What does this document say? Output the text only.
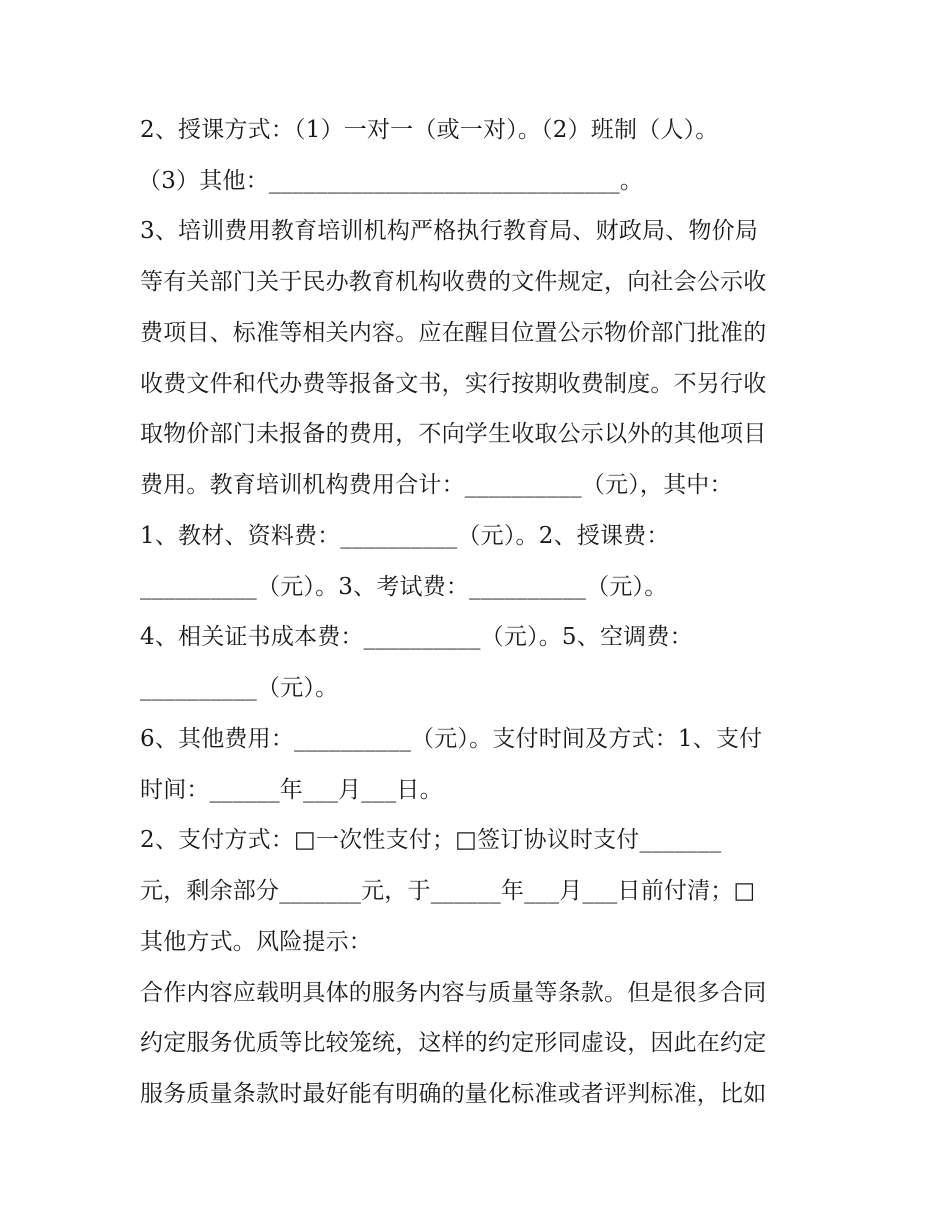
2、授课方式：（1）一对一（或一对）。（2）班制（人）。
（3）其他：______________________________。
3、培训费用教育培训机构严格执行教育局、财政局、物价局
等有关部门关于民办教育机构收费的文件规定，向社会公示收
费项目、标准等相关内容。应在醒目位置公示物价部门批准的
收费文件和代办费等报备文书，实行按期收费制度。不另行收
取物价部门未报备的费用，不向学生收取公示以外的其他项目
费用。教育培训机构费用合计：__________（元），其中：
1、教材、资料费：__________（元）。2、授课费：
__________（元）。3、考试费：__________（元）。
4、相关证书成本费：__________（元）。5、空调费：
__________（元）。
6、其他费用：__________（元）。支付时间及方式：1、支付
时间：______年___月___日。
2、支付方式：□一次性支付；□签订协议时支付_______
元，剩余部分_______元，于______年___月___日前付清；□
其他方式。风险提示：
合作内容应载明具体的服务内容与质量等条款。但是很多合同
约定服务优质等比较笼统，这样的约定形同虚设，因此在约定
服务质量条款时最好能有明确的量化标准或者评判标准，比如
